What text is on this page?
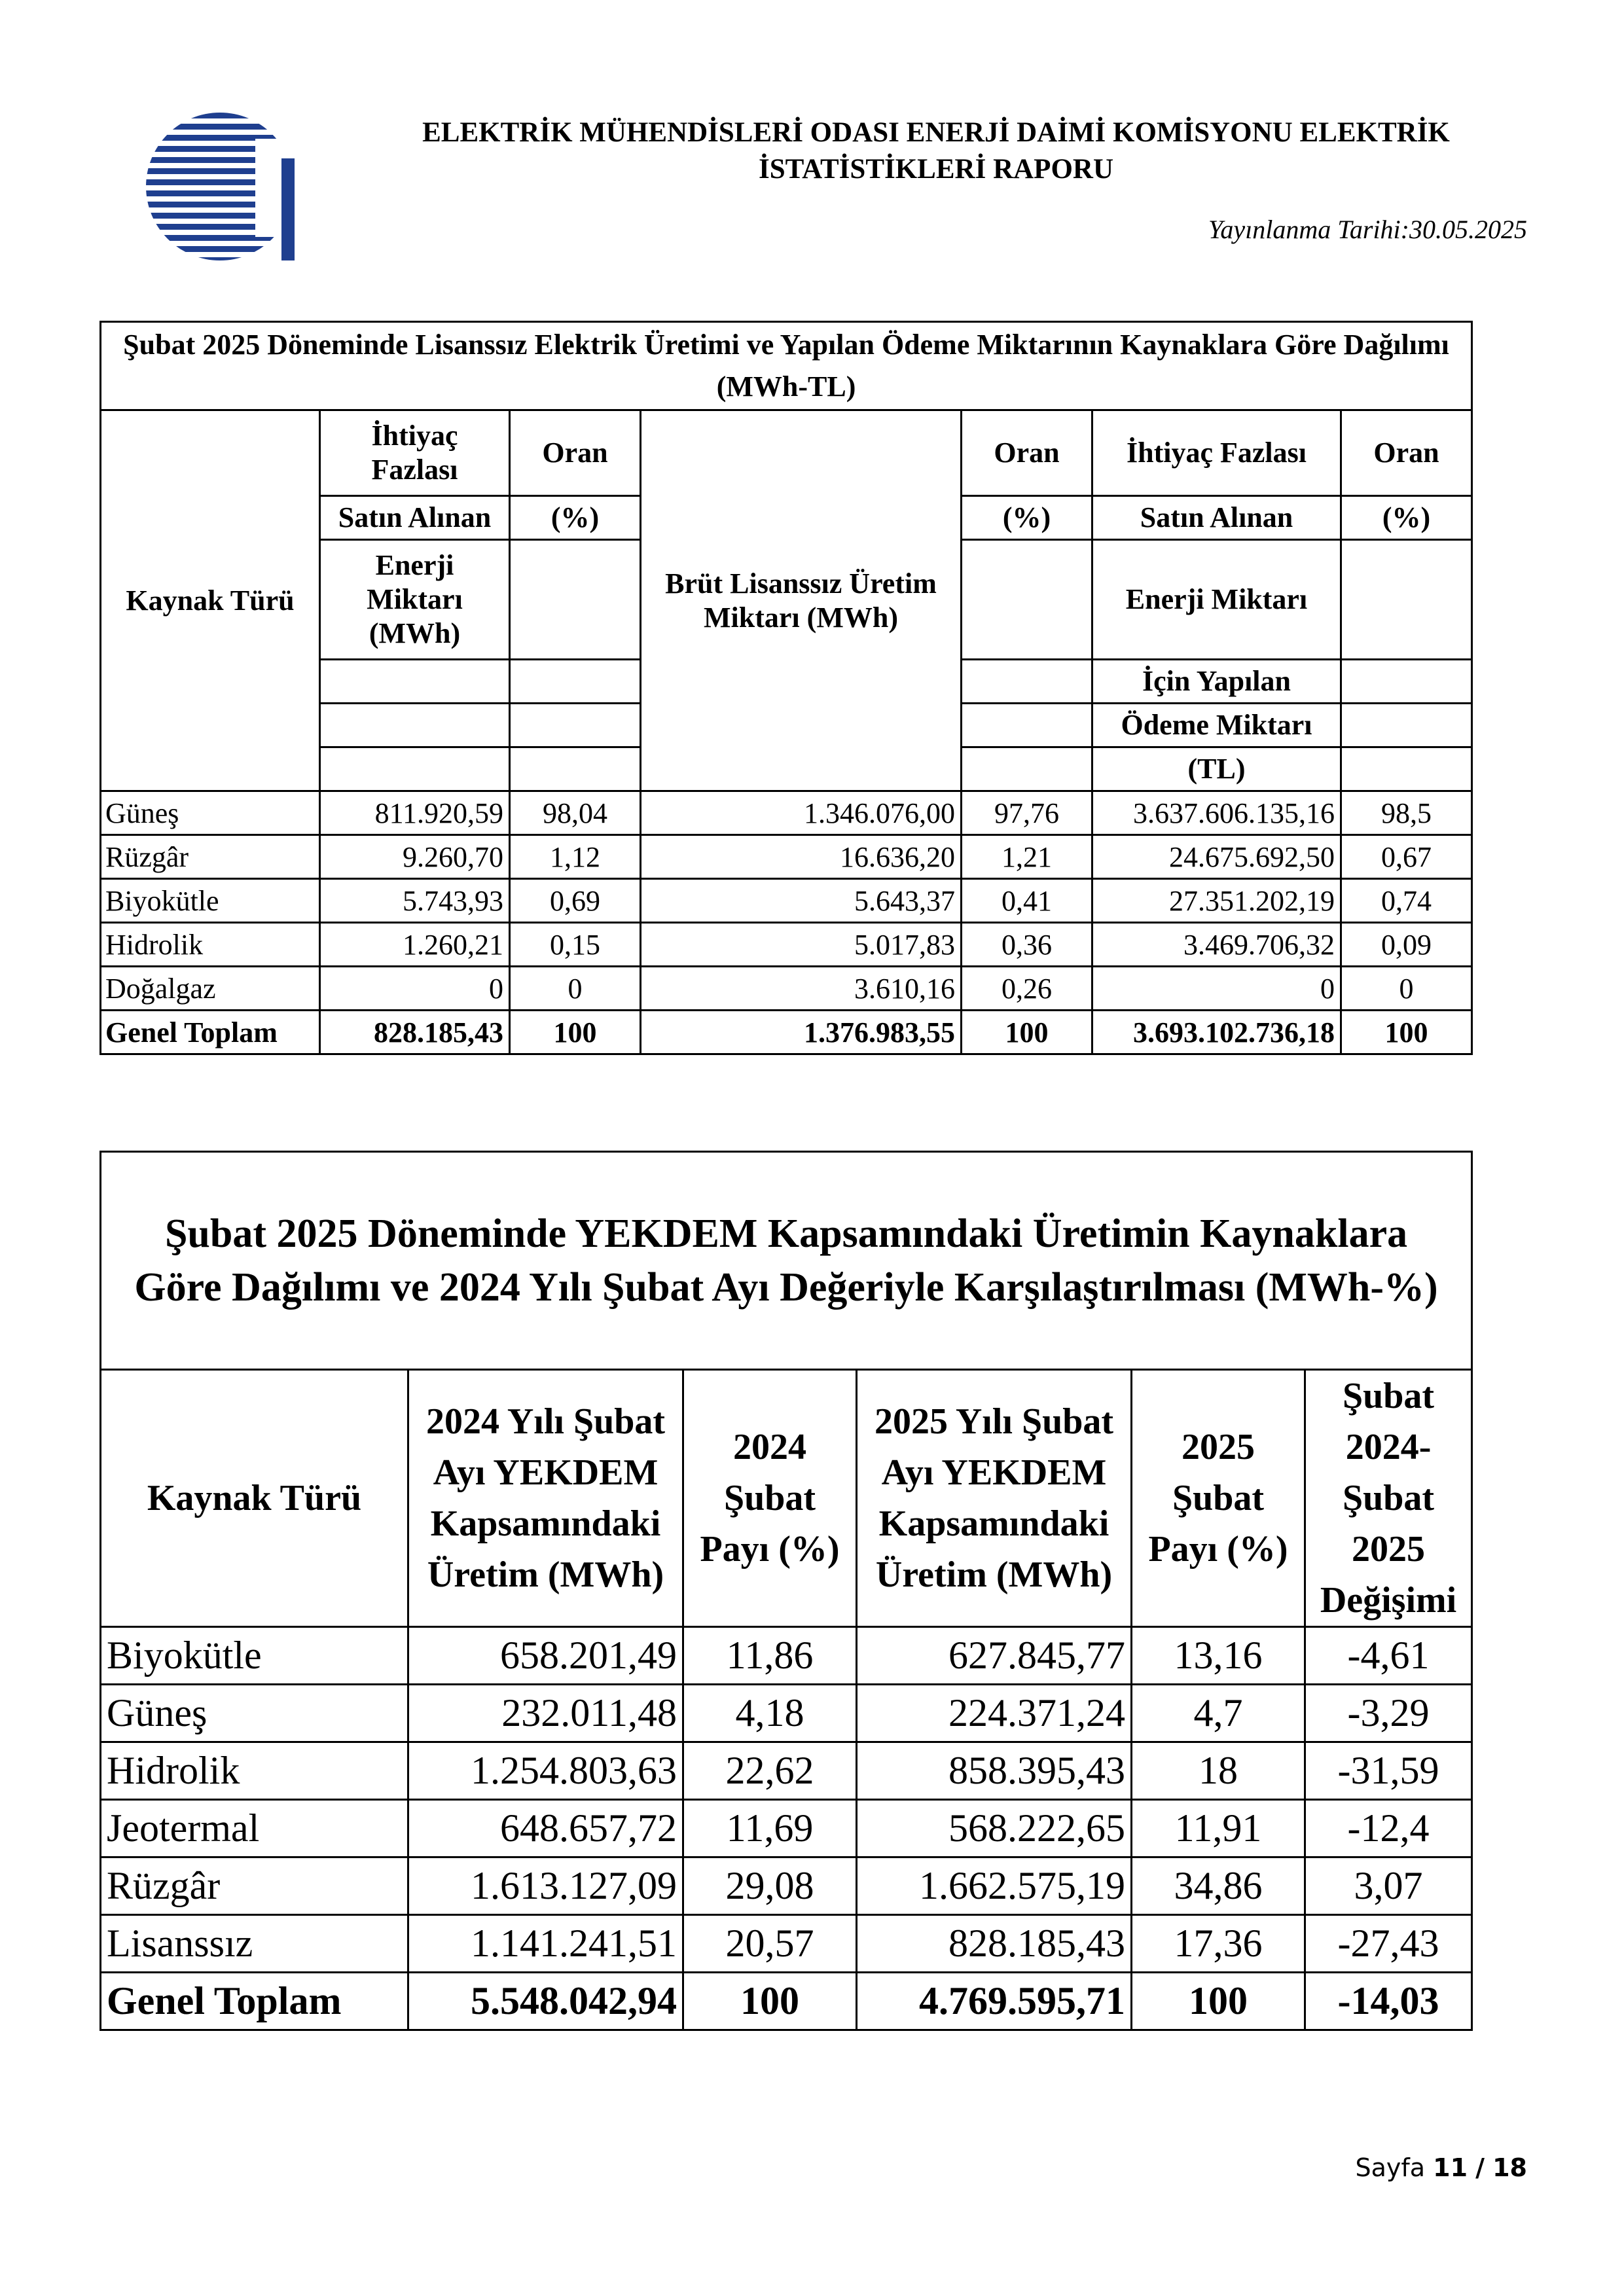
ELEKTRİK MÜHENDİSLERİ ODASI ENERJİ DAİMİ KOMİSYONU ELEKTRİK
İSTATİSTİKLERİ RAPORU
Yayınlanma Tarihi:30.05.2025
Şubat 2025 Döneminde Lisanssız Elektrik Üretimi ve Yapılan Ödeme Miktarının Kaynaklara Göre Dağılımı (MWh-TL)						
Kaynak Türü	İhtiyaç Fazlası	Oran	Brüt Lisanssız Üretim Miktarı (MWh)	Oran	İhtiyaç Fazlası	Oran
	Satın Alınan	(%)		(%)	Satın Alınan	(%)
	Enerji Miktarı (MWh)				Enerji Miktarı	
					İçin Yapılan	
					Ödeme Miktarı	
					(TL)	
Güneş	811.920,59	98,04	1.346.076,00	97,76	3.637.606.135,16	98,5
Rüzgâr	9.260,70	1,12	16.636,20	1,21	24.675.692,50	0,67
Biyokütle	5.743,93	0,69	5.643,37	0,41	27.351.202,19	0,74
Hidrolik	1.260,21	0,15	5.017,83	0,36	3.469.706,32	0,09
Doğalgaz	0	0	3.610,16	0,26	0	0
Genel Toplam	828.185,43	100	1.376.983,55	100	3.693.102.736,18	100
Şubat 2025 Döneminde YEKDEM Kapsamındaki Üretimin Kaynaklara
Göre Dağılımı ve 2024 Yılı Şubat Ayı Değeriyle Karşılaştırılması (MWh-%)					

Kaynak Türü	2024 Yılı Şubat Ayı YEKDEM Kapsamındaki Üretim (MWh)	2024 Şubat Payı (%)	2025 Yılı Şubat Ayı YEKDEM Kapsamındaki Üretim (MWh)	2025 Şubat Payı (%)	Şubat 2024- Şubat 2025 Değişimi
Biyokütle	658.201,49	11,86	627.845,77	13,16	-4,61
Güneş	232.011,48	4,18	224.371,24	4,7	-3,29
Hidrolik	1.254.803,63	22,62	858.395,43	18	-31,59
Jeotermal	648.657,72	11,69	568.222,65	11,91	-12,4
Rüzgâr	1.613.127,09	29,08	1.662.575,19	34,86	3,07
Lisanssız	1.141.241,51	20,57	828.185,43	17,36	-27,43
Genel Toplam	5.548.042,94	100	4.769.595,71	100	-14,03
Sayfa 11 / 18
